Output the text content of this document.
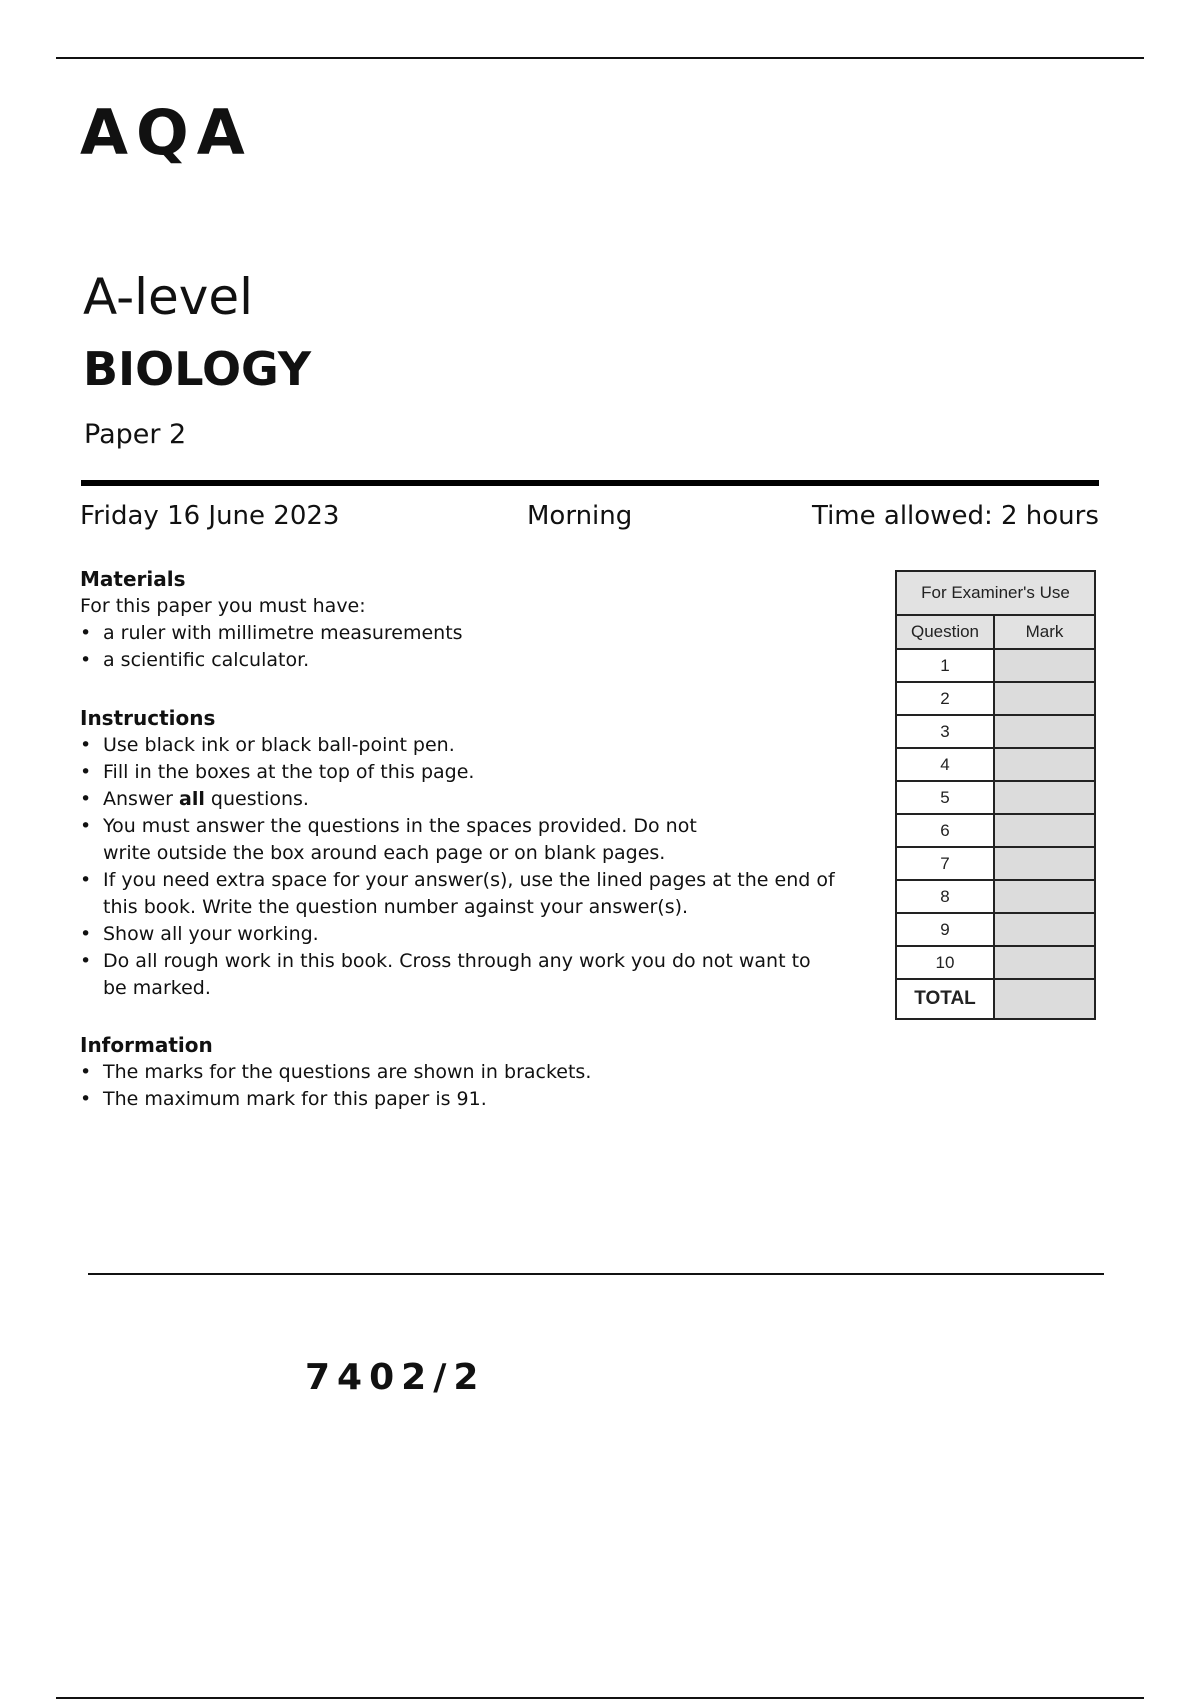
AQA
A-level
BIOLOGY
Paper 2
Friday 16 June 2023	Morning	Time allowed: 2 hours
Materials

For this paper you must have:

• a ruler with millimetre measurements
• a scientific calculator.
Instructions
• Use black ink or black ball-point pen.
• Fill in the boxes at the top of this page.
• Answer all questions.
• You must answer the questions in the spaces provided. Do not write outside the box around each page or on blank pages.
• If you need extra space for your answer(s), use the lined pages at the end of this book. Write the question number against your answer(s).
• Show all your working.
• Do all rough work in this book. Cross through any work you do not want to be marked.
Information
• The marks for the questions are shown in brackets.
• The maximum mark for this paper is 91.
For Examiner's Use	
Question	Mark
1	
2	
3	
4	
5	
6	
7	
8	
9	
10	
TOTAL	
7402/2
